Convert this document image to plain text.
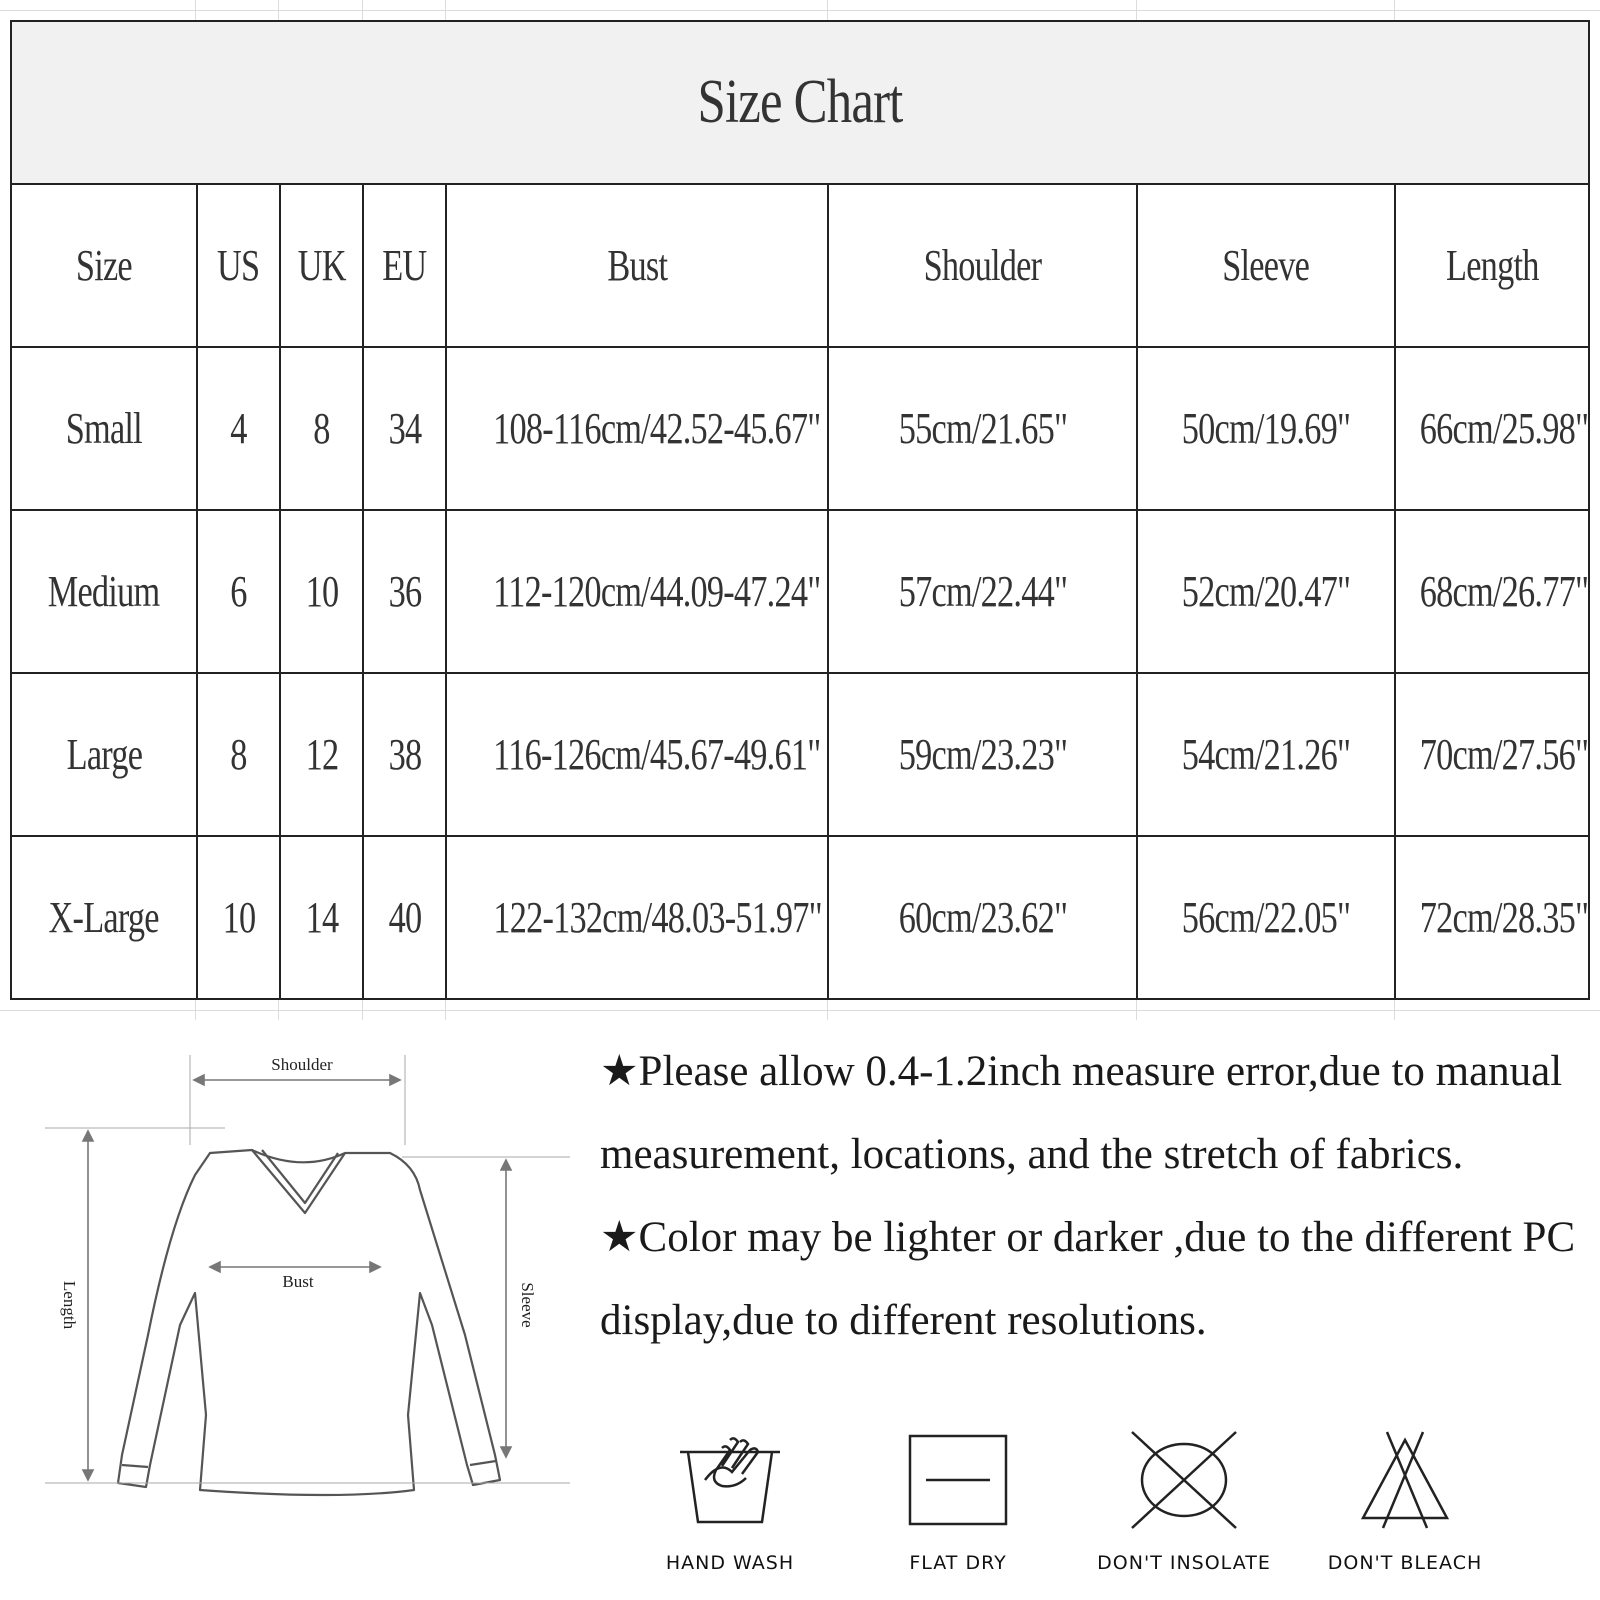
Size Chart
Size	US	UK	EU	Bust	Shoulder	Sleeve	Length
Small	4	8	34	108-116cm/42.52-45.67"	55cm/21.65"	50cm/19.69"	66cm/25.98"
Medium	6	10	36	112-120cm/44.09-47.24"	57cm/22.44"	52cm/20.47"	68cm/26.77"
Large	8	12	38	116-126cm/45.67-49.61"	59cm/23.23"	54cm/21.26"	70cm/27.56"
X-Large	10	14	40	122-132cm/48.03-51.97"	60cm/23.62"	56cm/22.05"	72cm/28.35"
Shoulder
Bust
Length	Sleeve

★Please allow 0.4-1.2inch measure error,due to manual measurement, locations, and the stretch of fabrics.

★Color may be lighter or darker ,due to the different PC display,due to different resolutions.

HAND WASH	FLAT DRY	DON'T INSOLATE	DON'T BLEACH
